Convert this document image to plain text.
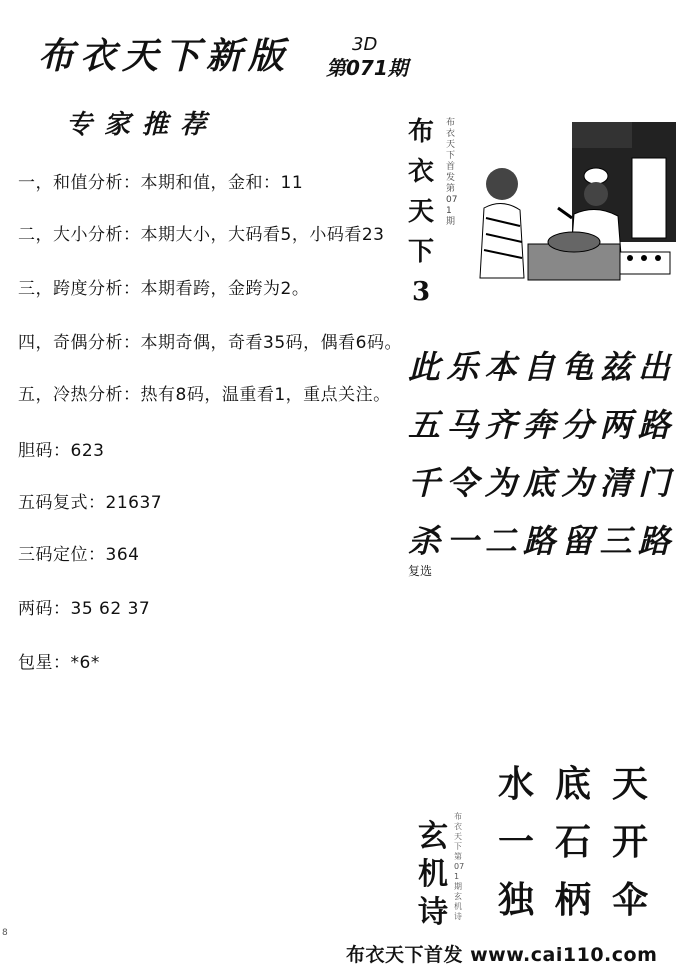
布衣天下新版	3D
第071期
专家推荐
一，和值分析：本期和值，金和：11
二，大小分析：本期大小，大码看5，小码看23
三，跨度分析：本期看跨，金跨为2。
四，奇偶分析：本期奇偶，奇看35码，偶看6码。
五，冷热分析：热有8码，温重看1，重点关注。
胆码：623
五码复式：21637
三码定位：364
两码：35 62 37
包星：*6*
布
衣
天
下
3
布衣天下首发第071期
此 乐 本 自 龟 兹 出
五 马 齐 奔 分 两 路
千 令 为 底 为 清 门
杀 一 二 路 留 三 路
复选
玄
机
诗
布衣天下第071期玄机诗
水 底 天
一 石 开
独 柄 伞
8
布衣天下首发 www.cai110.com
